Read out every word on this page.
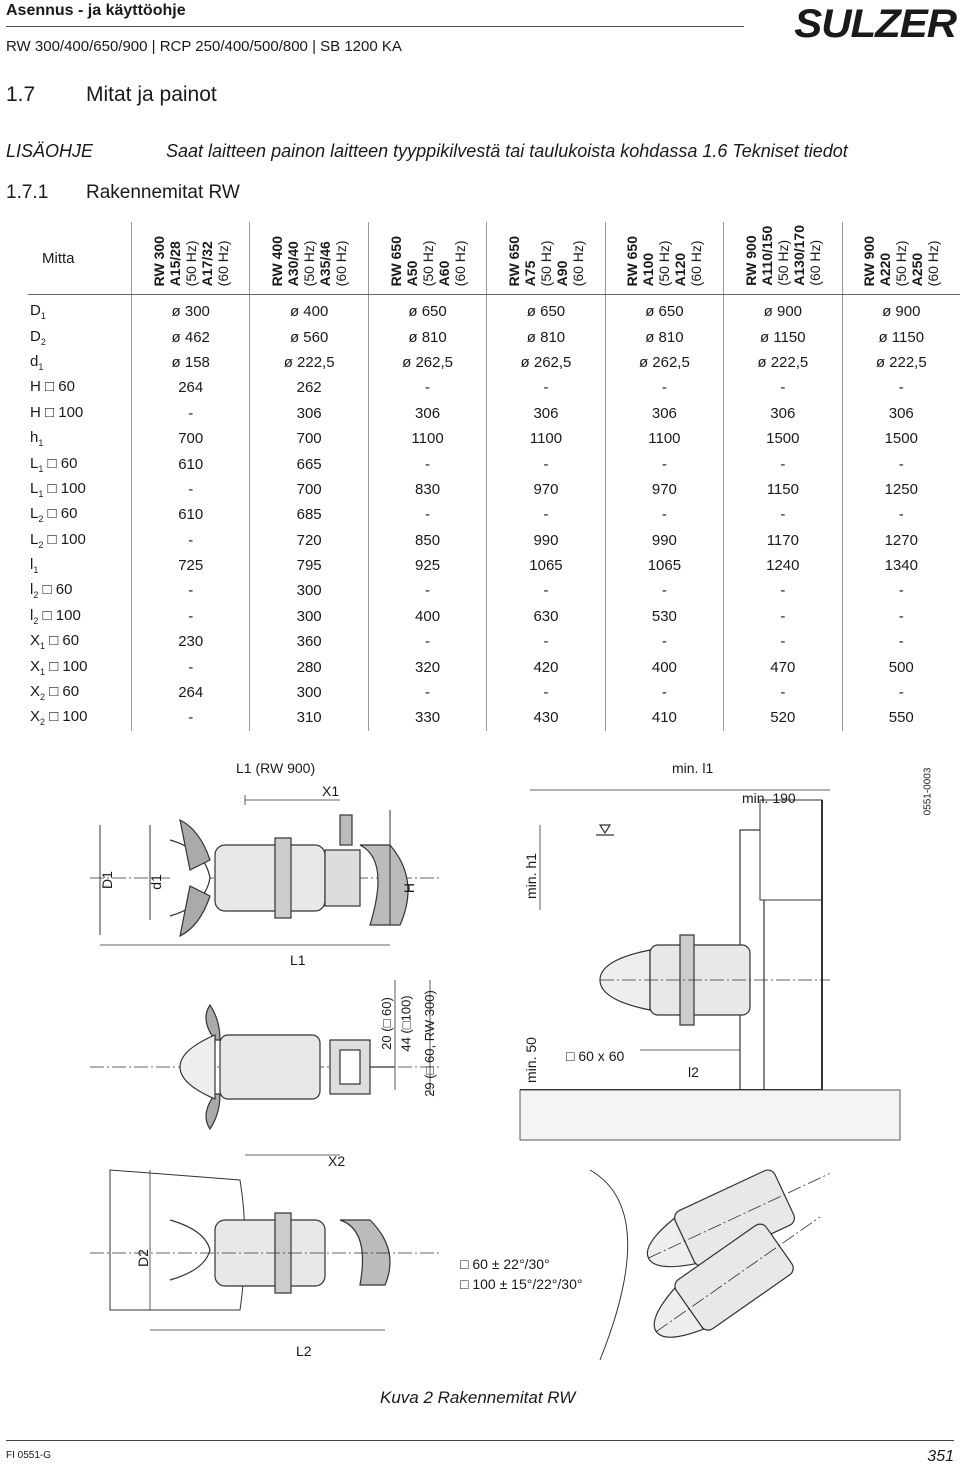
Asennus - ja käyttöohje
RW 300/400/650/900 | RCP 250/400/500/800 | SB 1200 KA
SULZER
1.7 Mitat ja painot
LISÄOHJE	Saat laitteen painon laitteen tyyppikilvestä tai taulukoista kohdassa 1.6 Tekniset tiedot
1.7.1 Rakennemitat RW
Mitta	RW 300
A15/28
(50 Hz)
A17/32
(60 Hz)	RW 400
A30/40
(50 Hz)
A35/46
(60 Hz)	RW 650
A50
(50 Hz)
A60
(60 Hz)	RW 650
A75
(50 Hz)
A90
(60 Hz)	RW 650
A100
(50 Hz)
A120
(60 Hz)	RW 900
A110/150
(50 Hz)
A130/170
(60 Hz)	RW 900
A220
(50 Hz)
A250
(60 Hz)
$D_1$	ø 300	ø 400	ø 650	ø 650	ø 650	ø 900	ø 900
$D_2$	ø 462	ø 560	ø 810	ø 810	ø 810	ø 1150	ø 1150
$d_1$	ø 158	ø 222,5	ø 262,5	ø 262,5	ø 262,5	ø 222,5	ø 222,5
H □ 60	264	262	-	-	-	-	-
H □ 100	-	306	306	306	306	306	306
$h_1$	700	700	1100	1100	1100	1500	1500
$L_1$ □ 60	610	665	-	-	-	-	-
$L_1$ □ 100	-	700	830	970	970	1150	1250
$L_2$ □ 60	610	685	-	-	-	-	-
$L_2$ □ 100	-	720	850	990	990	1170	1270
$l_1$	725	795	925	1065	1065	1240	1340
$l_2$ □ 60	-	300	-	-	-	-	-
$l_2$ □ 100	-	300	400	630	530	-	-
$X_1$ □ 60	230	360	-	-	-	-	-
$X_1$ □ 100	-	280	320	420	400	470	500
$X_2$ □ 60	264	300	-	-	-	-	-
$X_2$ □ 100	-	310	330	430	410	520	550
L1 (RW 900)
X1
D1 d1	H
L1
min. l1
min. 190	0551-0003
min. h1
min. 50 □ 60 x 60
l2
20 (□ 60) 44 (□100) 29 (□ 60, RW 300)
X2
D2
L2
□ 60 ± 22°/30°
□ 100 ± 15°/22°/30°
Kuva 2 Rakennemitat RW
FI 0551-G	351
